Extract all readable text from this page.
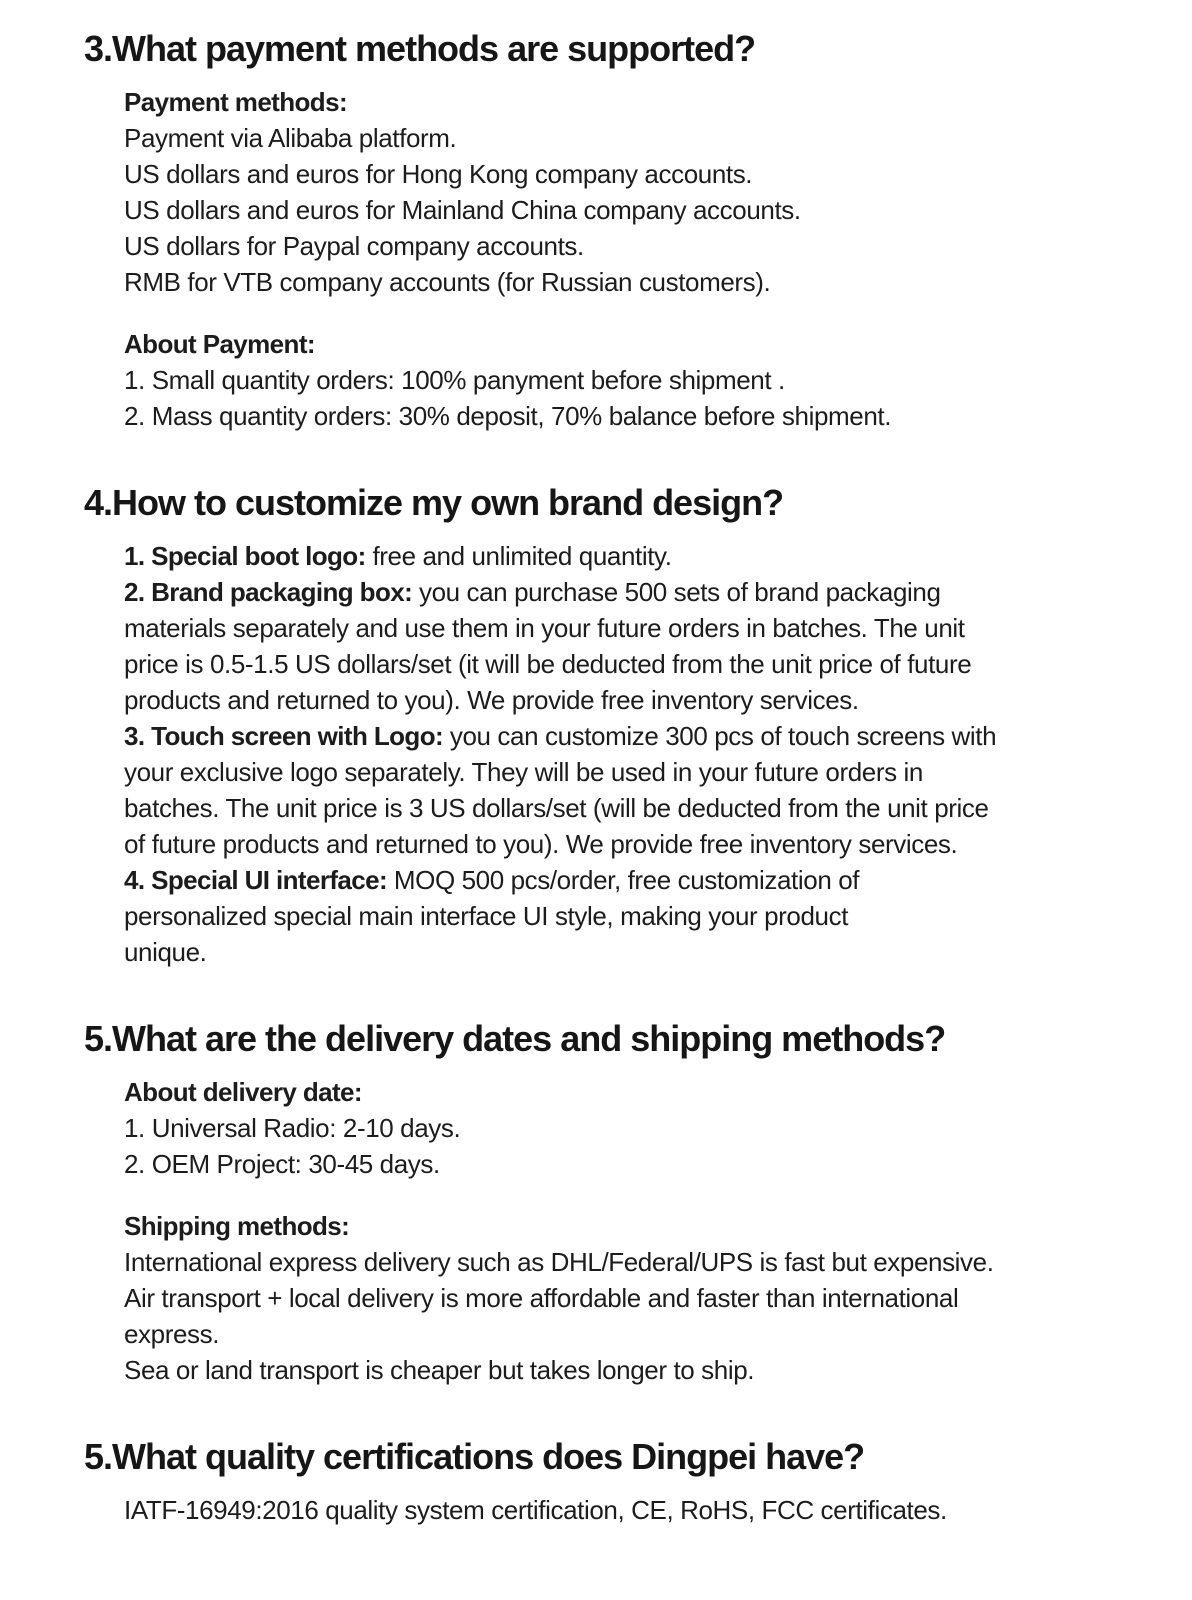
3.What payment methods are supported?
Payment methods:
Payment via Alibaba platform.
US dollars and euros for Hong Kong company accounts.
US dollars and euros for Mainland China company accounts.
US dollars for Paypal company accounts.
RMB for VTB company accounts (for Russian customers).
About Payment:
1. Small quantity orders: 100% panyment before shipment .
2. Mass quantity orders: 30% deposit, 70% balance before shipment.
4.How to customize my own brand design?
1. Special boot logo: free and unlimited quantity.
2. Brand packaging box: you can purchase 500 sets of brand packaging
materials separately and use them in your future orders in batches. The unit
price is 0.5-1.5 US dollars/set (it will be deducted from the unit price of future
products and returned to you). We provide free inventory services.
3. Touch screen with Logo: you can customize 300 pcs of touch screens with
your exclusive logo separately. They will be used in your future orders in
batches. The unit price is 3 US dollars/set (will be deducted from the unit price
of future products and returned to you). We provide free inventory services.
4. Special UI interface: MOQ 500 pcs/order, free customization of
personalized special main interface UI style, making your product
unique.
5.What are the delivery dates and shipping methods?
About delivery date:
1. Universal Radio: 2-10 days.
2. OEM Project: 30-45 days.
Shipping methods:
International express delivery such as DHL/Federal/UPS is fast but expensive.
Air transport + local delivery is more affordable and faster than international
express.
Sea or land transport is cheaper but takes longer to ship.
5.What quality certifications does Dingpei have?
IATF-16949:2016 quality system certification, CE, RoHS, FCC certificates.
